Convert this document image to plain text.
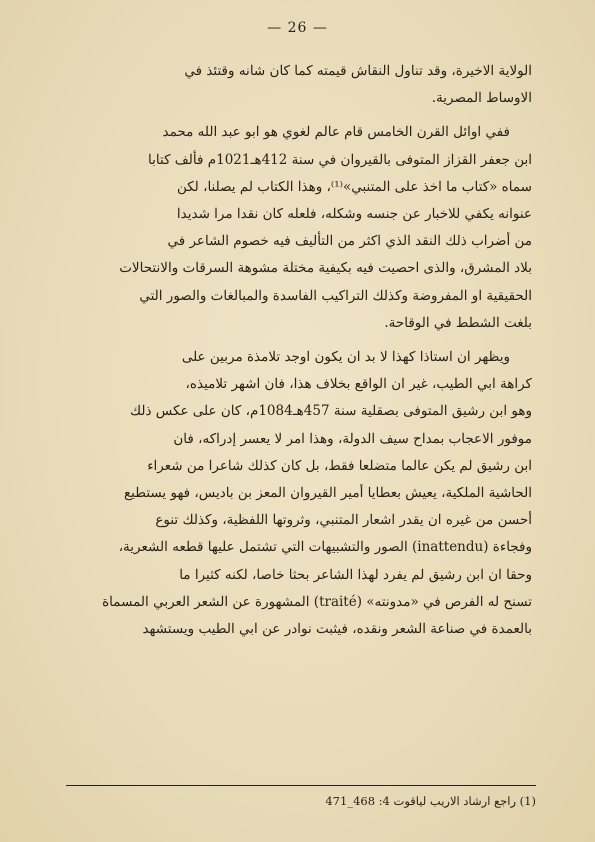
— 26 —
الولاية الاخيرة، وقد تناول النقاش قيمته كما كان شانه وقتئذ في
الاوساط المصرية.
ففي اوائل القرن الخامس قام عالم لغوي هو ابو عبد الله محمد
ابن جعفر القزاز المتوفى بالقيروان في سنة 412هـ1021م فألف كتابا
سماه «كتاب ما اخذ على المتنبي»⁽¹⁾، وهذا الكتاب لم يصلنا، لكن
عنوانه يكفي للاخبار عن جنسه وشكله، فلعله كان نقدا مرا شديدا
من أضراب ذلك النقد الذي اكثر من التأليف فيه خصوم الشاعر في
بلاد المشرق، والذى احصيت فيه بكيفية مختلة مشوهة السرقات والانتحالات
الحقيقية او المفروضة وكذلك التراكيب الفاسدة والمبالغات والصور التي
بلغت الشطط في الوقاحة.
ويظهر ان استاذا كهذا لا بد ان يكون اوجد تلامذة مربين على
كراهة ابي الطيب، غير ان الواقع بخلاف هذا، فان اشهر تلاميذه،
وهو ابن رشيق المتوفى بصقلية سنة 457هـ1084م، كان على عكس ذلك
موفور الاعجاب بمداح سيف الدولة، وهذا امر لا يعسر إدراكه، فان
ابن رشيق لم يكن عالما متضلعا فقط، بل كان كذلك شاعرا من شعراء
الحاشية الملكية، يعيش بعطايا أمير القيروان المعز بن باديس، فهو يستطيع
أحسن من غيره ان يقدر اشعار المتنبي، وثروتها اللفظية، وكذلك تنوع
وفجاءة (inattendu) الصور والتشبيهات التي تشتمل عليها قطعه الشعرية،
وحقا ان ابن رشيق لم يفرد لهذا الشاعر بحثا خاصا، لكنه كثيرا ما
تسنح له الفرص في «مدونته» (traité) المشهورة عن الشعر العربي المسماة
بالعمدة في صناعة الشعر ونقده، فيثبت نوادر عن ابي الطيب ويستشهد
(1) راجع ارشاد الاريب لياقوت 4: 468_471
